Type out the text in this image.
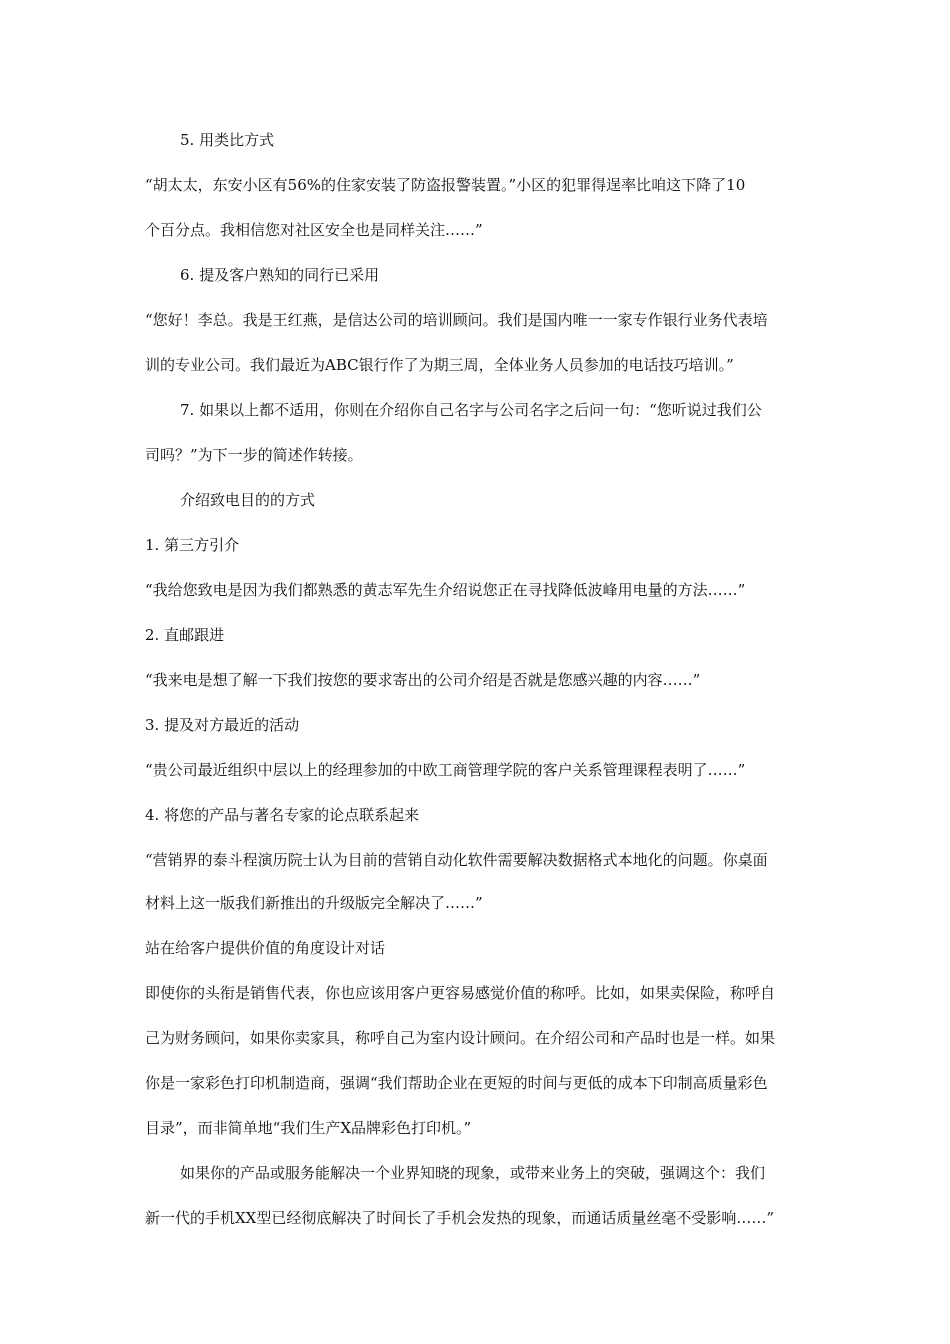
5. 用类比方式
“胡太太，东安小区有56%的住家安装了防盗报警装置。”小区的犯罪得逞率比咱这下降了10
个百分点。我相信您对社区安全也是同样关注……”
6. 提及客户熟知的同行已采用
“您好！李总。我是王红燕，是信达公司的培训顾问。我们是国内唯一一家专作银行业务代表培
训的专业公司。我们最近为ABC银行作了为期三周，全体业务人员参加的电话技巧培训。”
7. 如果以上都不适用，你则在介绍你自己名字与公司名字之后问一句：“您听说过我们公
司吗？”为下一步的简述作转接。
介绍致电目的的方式
1. 第三方引介
“我给您致电是因为我们都熟悉的黄志军先生介绍说您正在寻找降低波峰用电量的方法……”
2. 直邮跟进
“我来电是想了解一下我们按您的要求寄出的公司介绍是否就是您感兴趣的内容……”
3. 提及对方最近的活动
“贵公司最近组织中层以上的经理参加的中欧工商管理学院的客户关系管理课程表明了……”
4. 将您的产品与著名专家的论点联系起来
“营销界的泰斗程演历院士认为目前的营销自动化软件需要解决数据格式本地化的问题。你桌面
材料上这一版我们新推出的升级版完全解决了……”
站在给客户提供价值的角度设计对话
即使你的头衔是销售代表，你也应该用客户更容易感觉价值的称呼。比如，如果卖保险，称呼自
己为财务顾问，如果你卖家具，称呼自己为室内设计顾问。在介绍公司和产品时也是一样。如果
你是一家彩色打印机制造商，强调“我们帮助企业在更短的时间与更低的成本下印制高质量彩色
目录”，而非简单地“我们生产X品牌彩色打印机。”
如果你的产品或服务能解决一个业界知晓的现象，或带来业务上的突破，强调这个：我们
新一代的手机XX型已经彻底解决了时间长了手机会发热的现象，而通话质量丝毫不受影响……”
